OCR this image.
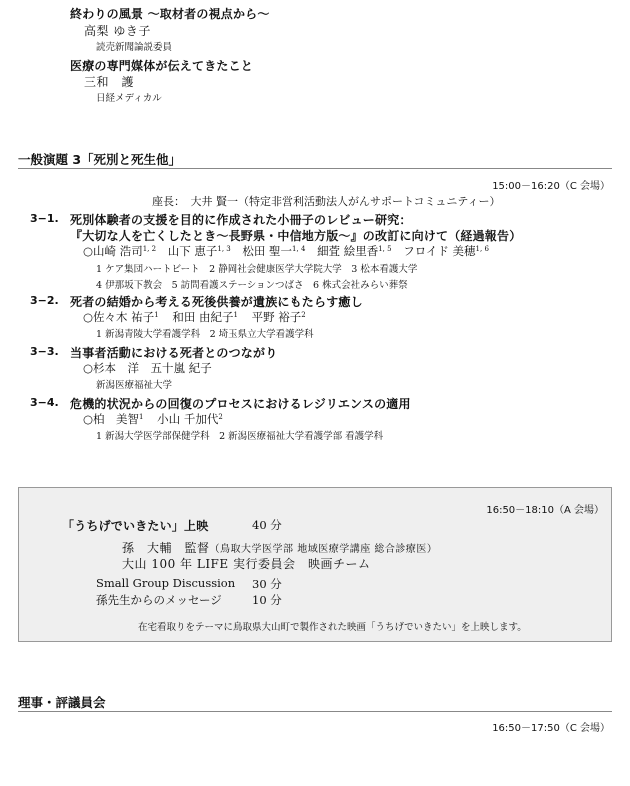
終わりの風景 〜取材者の視点から〜
高梨 ゆき子
読売新聞論説委員
医療の専門媒体が伝えてきたこと
三和　護
日経メディカル
一般演題 3「死別と死生他」
15:00－16:20（C 会場）
座長：　大井 賢一（特定非営利活動法人がんサポートコミュニティー）
3−1. 死別体験者の支援を目的に作成された小冊子のレビュー研究：
『大切な人を亡くしたとき〜長野県・中信地方版〜』の改訂に向けて（経過報告）
○山崎 浩司$^{1, 2}$ 山下 恵子$^{1, 3}$ 松田 聖一$^{1, 4}$ 細萓 絵里香$^{1, 5}$ フロイド 美穂$^{1, 6}$
1 ケア集団ハートビート　2 静岡社会健康医学大学院大学　3 松本看護大学
4 伊那坂下教会　5 訪問看護ステーションつばさ　6 株式会社みらい葬祭
3−2. 死者の結婚から考える死後供養が遺族にもたらす癒し
○佐々木 祐子$^1$ 和田 由紀子$^1$ 平野 裕子$^2$
1 新潟青陵大学看護学科　2 埼玉県立大学看護学科
3−3. 当事者活動における死者とのつながり
○杉本　洋　五十嵐 紀子
新潟医療福祉大学
3−4. 危機的状況からの回復のプロセスにおけるレジリエンスの適用
○柏　美智$^1$ 小山 千加代$^2$
1 新潟大学医学部保健学科　2 新潟医療福祉大学看護学部 看護学科
16:50－18:10（A 会場）
「うちげでいきたい」上映	40 分
孫　大輔　監督（鳥取大学医学部 地域医療学講座 総合診療医）
大山 100 年 LIFE 実行委員会　映画チーム
Small Group Discussion 30 分
孫先生からのメッセージ	10 分
在宅看取りをテーマに鳥取県大山町で製作された映画「うちげでいきたい」を上映します。
理事・評議員会
16:50－17:50（C 会場）
